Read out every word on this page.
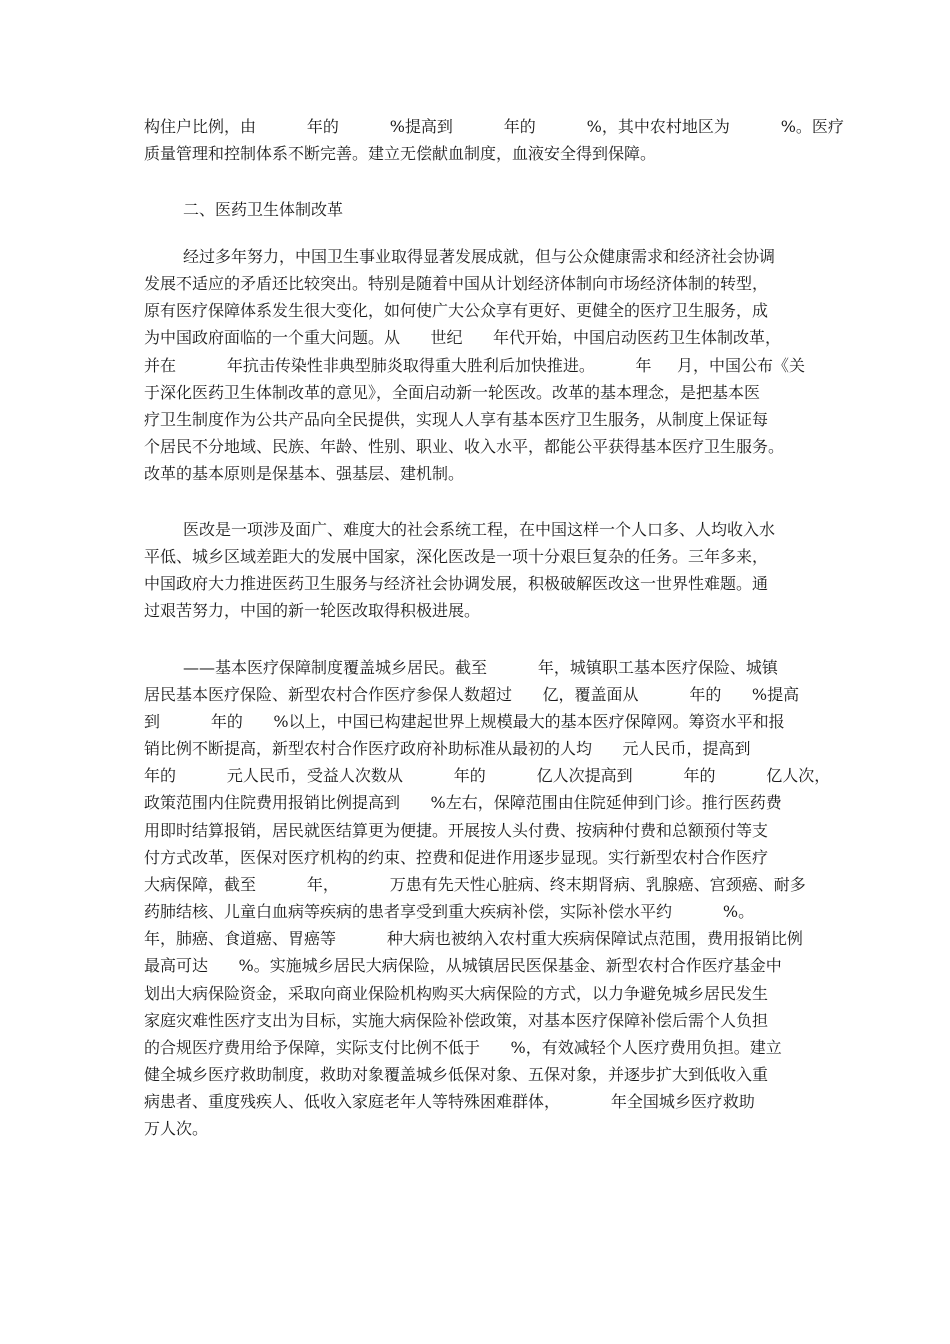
构住户比例，由          年的          %提高到          年的          %，其中农村地区为          %。医疗
质量管理和控制体系不断完善。建立无偿献血制度，血液安全得到保障。
二、医药卫生体制改革
经过多年努力，中国卫生事业取得显著发展成就，但与公众健康需求和经济社会协调
发展不适应的矛盾还比较突出。特别是随着中国从计划经济体制向市场经济体制的转型，
原有医疗保障体系发生很大变化，如何使广大公众享有更好、更健全的医疗卫生服务，成
为中国政府面临的一个重大问题。从      世纪      年代开始，中国启动医药卫生体制改革，
并在          年抗击传染性非典型肺炎取得重大胜利后加快推进。        年     月，中国公布《关
于深化医药卫生体制改革的意见》，全面启动新一轮医改。改革的基本理念，是把基本医
疗卫生制度作为公共产品向全民提供，实现人人享有基本医疗卫生服务，从制度上保证每
个居民不分地域、民族、年龄、性别、职业、收入水平，都能公平获得基本医疗卫生服务。
改革的基本原则是保基本、强基层、建机制。
医改是一项涉及面广、难度大的社会系统工程，在中国这样一个人口多、人均收入水
平低、城乡区域差距大的发展中国家，深化医改是一项十分艰巨复杂的任务。三年多来，
中国政府大力推进医药卫生服务与经济社会协调发展，积极破解医改这一世界性难题。通
过艰苦努力，中国的新一轮医改取得积极进展。
——基本医疗保障制度覆盖城乡居民。截至          年，城镇职工基本医疗保险、城镇
居民基本医疗保险、新型农村合作医疗参保人数超过      亿，覆盖面从          年的      %提高
到          年的      %以上，中国已构建起世界上规模最大的基本医疗保障网。筹资水平和报
销比例不断提高，新型农村合作医疗政府补助标准从最初的人均      元人民币，提高到
年的          元人民币，受益人次数从          年的          亿人次提高到          年的          亿人次，
政策范围内住院费用报销比例提高到      %左右，保障范围由住院延伸到门诊。推行医药费
用即时结算报销，居民就医结算更为便捷。开展按人头付费、按病种付费和总额预付等支
付方式改革，医保对医疗机构的约束、控费和促进作用逐步显现。实行新型农村合作医疗
大病保障，截至          年，          万患有先天性心脏病、终末期肾病、乳腺癌、宫颈癌、耐多
药肺结核、儿童白血病等疾病的患者享受到重大疾病补偿，实际补偿水平约          %。
年，肺癌、食道癌、胃癌等          种大病也被纳入农村重大疾病保障试点范围，费用报销比例
最高可达      %。实施城乡居民大病保险，从城镇居民医保基金、新型农村合作医疗基金中
划出大病保险资金，采取向商业保险机构购买大病保险的方式，以力争避免城乡居民发生
家庭灾难性医疗支出为目标，实施大病保险补偿政策，对基本医疗保障补偿后需个人负担
的合规医疗费用给予保障，实际支付比例不低于      %，有效减轻个人医疗费用负担。建立
健全城乡医疗救助制度，救助对象覆盖城乡低保对象、五保对象，并逐步扩大到低收入重
病患者、重度残疾人、低收入家庭老年人等特殊困难群体，          年全国城乡医疗救助
万人次。
